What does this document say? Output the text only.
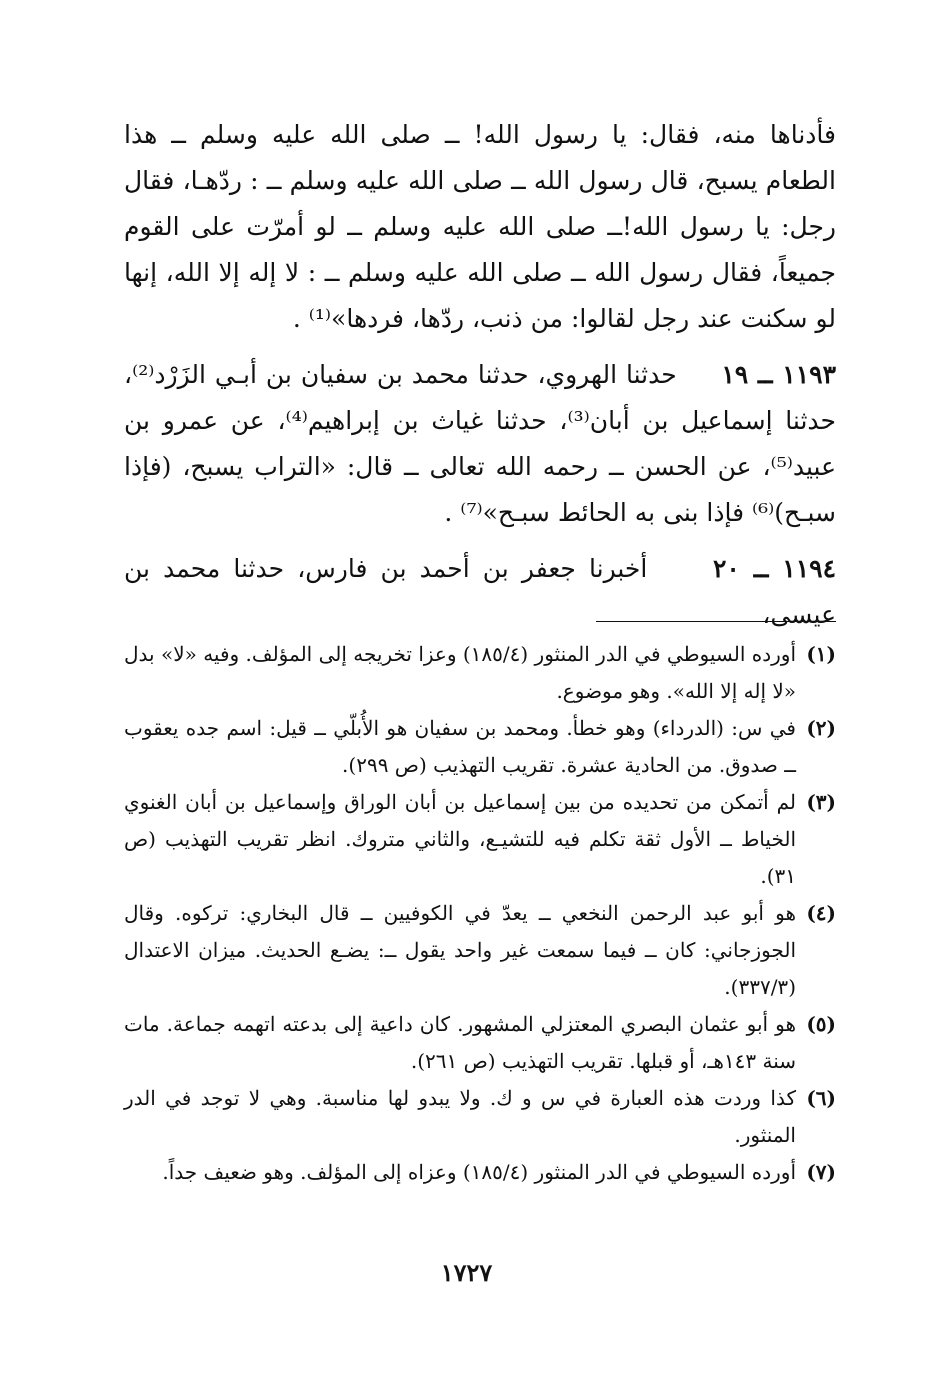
فأدناها منه، فقال: يا رسول الله! ــ صلى الله عليه وسلم ــ هذا الطعام يسبح، قال رسول الله ــ صلى الله عليه وسلم ــ : ردّهـا، فقال رجل: يا رسول الله!ــ صلى الله عليه وسلم ــ لو أمرّت على القوم جميعاً، فقال رسول الله ــ صلى الله عليه وسلم ــ : لا إله إلا الله، إنها لو سكنت عند رجل لقالوا: من ذنب، ردّها، فردها»⁽¹⁾ .

١١٩٣ ــ ١٩     حدثنا الهروي، حدثنا محمد بن سفيان بن أبـي الزَرْد⁽²⁾، حدثنا إسماعيل بن أبان⁽³⁾، حدثنا غياث بن إبراهيم⁽⁴⁾، عن عمرو بن عبيد⁽⁵⁾، عن الحسن ــ رحمه الله تعالى ــ قال: «التراب يسبح، (فإذا سبـح)⁽⁶⁾ فإذا بنى به الحائط سبـح»⁽⁷⁾ .

١١٩٤ ــ ٢٠     أخبرنا جعفر بن أحمد بن فارس، حدثنا محمد بن عيسى،

(١)
أورده السيوطي في الدر المنثور (١٨٥/٤) وعزا تخريجه إلى المؤلف. وفيه «لا» بدل «لا إله إلا الله». وهو موضوع.
(٢)
في س: (الدرداء) وهو خطأ. ومحمد بن سفيان هو الأُبلّي ــ قيل: اسم جده يعقوب ــ صدوق. من الحادية عشرة. تقريب التهذيب (ص ٢٩٩).
(٣)
لم أتمكن من تحديده من بين إسماعيل بن أبان الوراق وإسماعيل بن أبان الغنوي الخياط ــ الأول ثقة تكلم فيه للتشيـع، والثاني متروك. انظر تقريب التهذيب (ص ٣١).
(٤)
هو أبو عبد الرحمن النخعي ــ يعدّ في الكوفيين ــ قال البخاري: تركوه. وقال الجوزجاني: كان ــ فيما سمعت غير واحد يقول ــ: يضـع الحديث. ميزان الاعتدال (٣٣٧/٣).
(٥)
هو أبو عثمان البصري المعتزلي المشهور. كان داعية إلى بدعته اتهمه جماعة. مات سنة ١٤٣هـ، أو قبلها. تقريب التهذيب (ص ٢٦١).
(٦)
كذا وردت هذه العبارة في س و ك. ولا يبدو لها مناسبة. وهي لا توجد في الدر المنثور.
(٧)
أورده السيوطي في الدر المنثور (١٨٥/٤) وعزاه إلى المؤلف. وهو ضعيف جداً.
١٧٢٧
